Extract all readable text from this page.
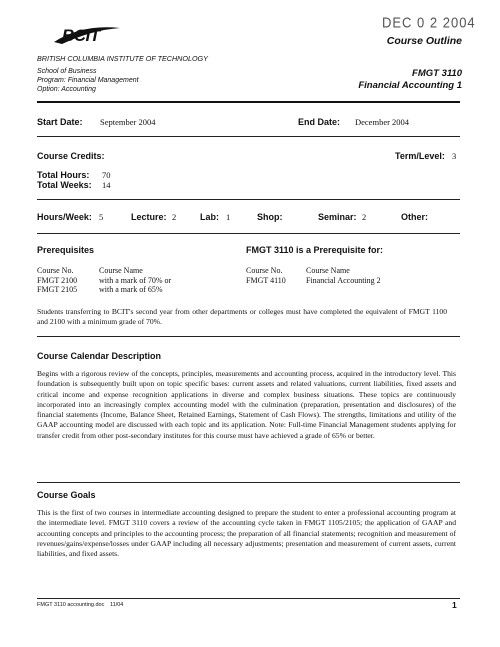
DEC 0 2 2004
BCIT	Course Outline
BRITISH COLUMBIA INSTITUTE OF TECHNOLOGY
School of Business
Program: Financial Management
Option: Accounting
FMGT 3110
Financial Accounting 1
Start Date: September 2004	End Date: December 2004
Course Credits:	Term/Level: 3
Total Hours: 70
Total Weeks: 14
Hours/Week: 5	Lecture: 2	Lab: 1	Shop:	Seminar: 2	Other:
Prerequisites	FMGT 3110 is a Prerequisite for:
Course No.	Course Name
FMGT 2100	with a mark of 70% or
FMGT 2105	with a mark of 65%
Course No.	Course Name
FMGT 4110	Financial Accounting 2
Students transferring to BCIT's second year from other departments or colleges must have completed the equivalent of FMGT 1100 and 2100 with a minimum grade of 70%.
Course Calendar Description
Begins with a rigorous review of the concepts, principles, measurements and accounting process, acquired in the introductory level. This foundation is subsequently built upon on topic specific bases: current assets and related valuations, current liabilities, fixed assets and critical income and expense recognition applications in diverse and complex business situations. These topics are continuously incorporated into an increasingly complex accounting model with the culmination (preparation, presentation and disclosures) of the financial statements (Income, Balance Sheet, Retained Earnings, Statement of Cash Flows). The strengths, limitations and utility of the GAAP accounting model are discussed with each topic and its application. Note: Full-time Financial Management students applying for transfer credit from other post-secondary institutes for this course must have achieved a grade of 65% or better.
Course Goals
This is the first of two courses in intermediate accounting designed to prepare the student to enter a professional accounting program at the intermediate level. FMGT 3110 covers a review of the accounting cycle taken in FMGT 1105/2105; the application of GAAP and accounting concepts and principles to the accounting process; the preparation of all financial statements; recognition and measurement of revenues/gains/expense/losses under GAAP including all necessary adjustments; presentation and measurement of current assets, current liabilities, and fixed assets.
FMGT 3110 accounting.doc 11/04	1
